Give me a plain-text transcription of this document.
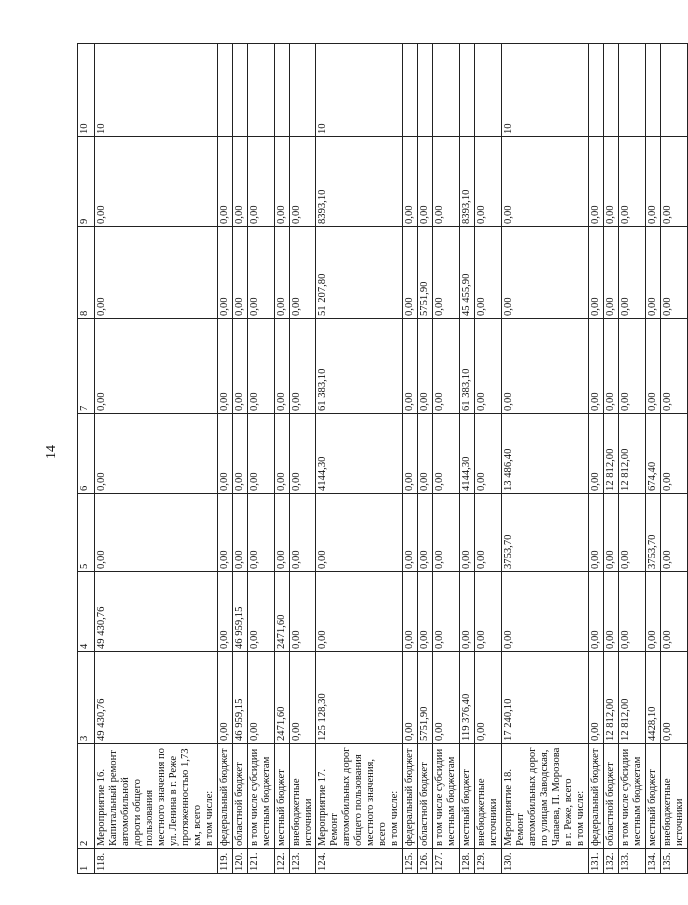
14
1	2	3	4	5	6	7	8	9	10
118.	Мероприятие 16.
Капитальный ремонт автомобильной дороги общего пользования местного значения по ул. Ленина в г. Реже протяженностью 1,73 км, всего
в том числе:	49 430,76	49 430,76	0,00	0,00	0,00	0,00	0,00	10
119.	федеральный бюджет	0,00	0,00	0,00	0,00	0,00	0,00	0,00	
120.	областной бюджет	46 959,15	46 959,15	0,00	0,00	0,00	0,00	0,00	
121.	в том числе субсидии местным бюджетам	0,00	0,00	0,00	0,00	0,00	0,00	0,00	
122.	местный бюджет	2471,60	2471,60	0,00	0,00	0,00	0,00	0,00	
123.	внебюджетные источники	0,00	0,00	0,00	0,00	0,00	0,00	0,00	
124.	Мероприятие 17.
Ремонт автомобильных дорог общего пользования местного значения, всего
в том числе:	125 128,30	0,00	0,00	4144,30	61 383,10	51 207,80	8393,10	10
125.	федеральный бюджет	0,00	0,00	0,00	0,00	0,00	0,00	0,00	
126.	областной бюджет	5751,90	0,00	0,00	0,00	0,00	5751,90	0,00	
127.	в том числе субсидии местным бюджетам	0,00	0,00	0,00	0,00	0,00	0,00	0,00	
128.	местный бюджет	119 376,40	0,00	0,00	4144,30	61 383,10	45 455,90	8393,10	
129.	внебюджетные источники	0,00	0,00	0,00	0,00	0,00	0,00	0,00	
130.	Мероприятие 18.
Ремонт автомобильных дорог по улицам Заводская, Чапаева, П. Морозова в г. Реже, всего
в том числе:	17 240,10	0,00	3753,70	13 486,40	0,00	0,00	0,00	10
131.	федеральный бюджет	0,00	0,00	0,00	0,00	0,00	0,00	0,00	
132.	областной бюджет	12 812,00	0,00	0,00	12 812,00	0,00	0,00	0,00	
133.	в том числе субсидии местным бюджетам	12 812,00	0,00	0,00	12 812,00	0,00	0,00	0,00	
134.	местный бюджет	4428,10	0,00	3753,70	674,40	0,00	0,00	0,00	
135.	внебюджетные источники	0,00	0,00	0,00	0,00	0,00	0,00	0,00	
